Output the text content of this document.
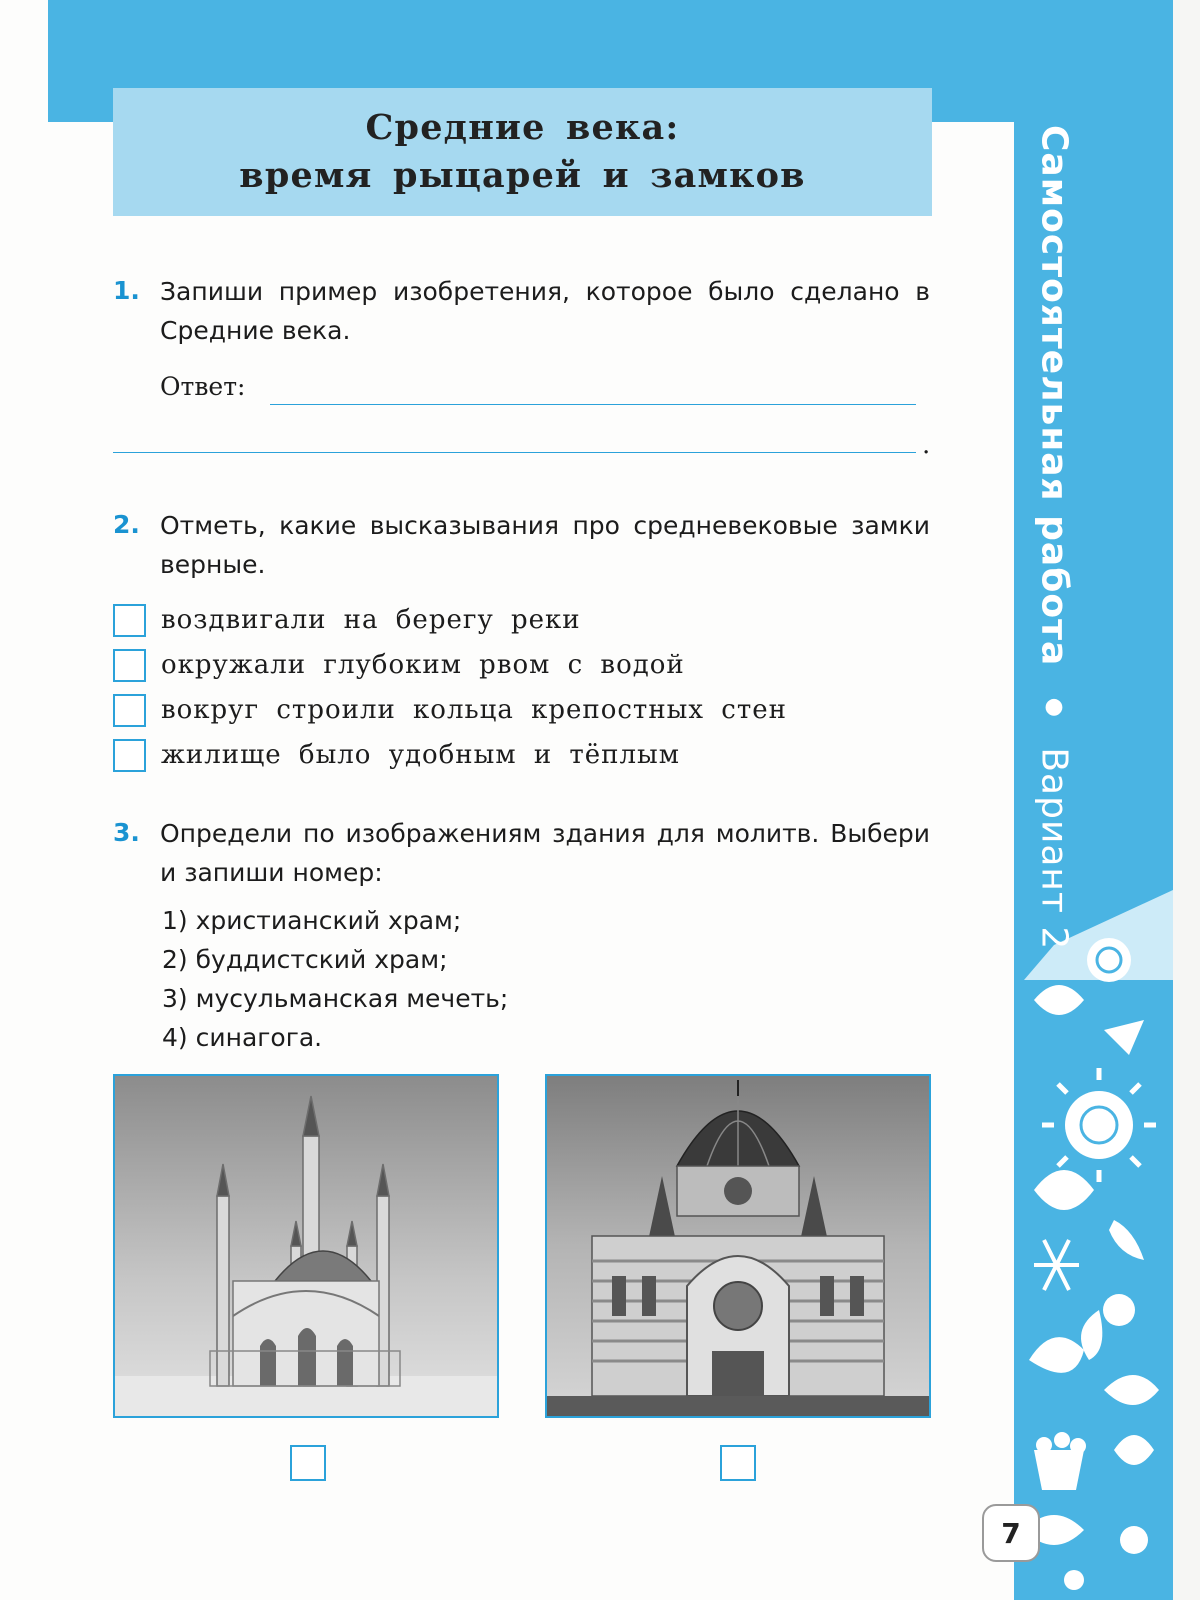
Самостоятельная работа ● Вариант 2
7
Средние века:
время рыцарей и замков
1. Запиши пример изобретения, которое было сделано в Средние века.
Ответ:
.
2. Отметь, какие высказывания про средневековые замки верные.
воздвигали на берегу реки
окружали глубоким рвом с водой
вокруг строили кольца крепостных стен
жилище было удобным и тёплым
3. Определи по изображениям здания для молитв. Выбери и запиши номер:
1) христианский храм;
2) буддистский храм;
3) мусульманская мечеть;
4) синагога.
